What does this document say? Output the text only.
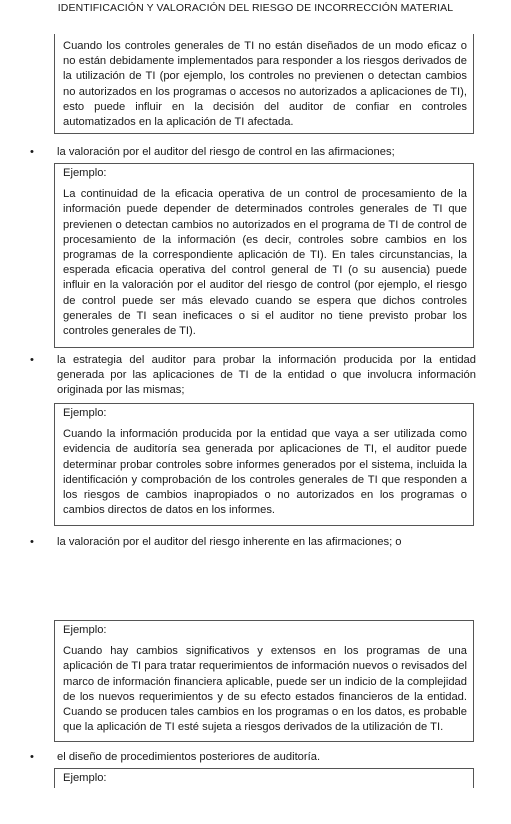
IDENTIFICACIÓN Y VALORACIÓN DEL RIESGO DE INCORRECCIÓN MATERIAL

Cuando los controles generales de TI no están diseñados de un modo eficaz o no están debidamente implementados para responder a los riesgos derivados de la utilización de TI (por ejemplo, los controles no previenen o detectan cambios no autorizados en los programas o accesos no autorizados a aplicaciones de TI), esto puede influir en la decisión del auditor de confiar en controles automatizados en la aplicación de TI afectada.

•	la valoración por el auditor del riesgo de control en las afirmaciones;

Ejemplo:

La continuidad de la eficacia operativa de un control de procesamiento de la información puede depender de determinados controles generales de TI que previenen o detectan cambios no autorizados en el programa de TI de control de procesamiento de la información (es decir, controles sobre cambios en los programas de la correspondiente aplicación de TI). En tales circunstancias, la esperada eficacia operativa del control general de TI (o su ausencia) puede influir en la valoración por el auditor del riesgo de control (por ejemplo, el riesgo de control puede ser más elevado cuando se espera que dichos controles generales de TI sean ineficaces o si el auditor no tiene previsto probar los controles generales de TI).

•	la estrategia del auditor para probar la información producida por la entidad generada por las aplicaciones de TI de la entidad o que involucra información originada por las mismas;

Ejemplo:

Cuando la información producida por la entidad que vaya a ser utilizada como evidencia de auditoría sea generada por aplicaciones de TI, el auditor puede determinar probar controles sobre informes generados por el sistema, incluida la identificación y comprobación de los controles generales de TI que responden a los riesgos de cambios inapropiados o no autorizados en los programas o cambios directos de datos en los informes.

•	la valoración por el auditor del riesgo inherente en las afirmaciones; o

Ejemplo:

Cuando hay cambios significativos y extensos en los programas de una aplicación de TI para tratar requerimientos de información nuevos o revisados del marco de información financiera aplicable, puede ser un indicio de la complejidad de los nuevos requerimientos y de su efecto estados financieros de la entidad. Cuando se producen tales cambios en los programas o en los datos, es probable que la aplicación de TI esté sujeta a riesgos derivados de la utilización de TI.

•	el diseño de procedimientos posteriores de auditoría.

Ejemplo:
